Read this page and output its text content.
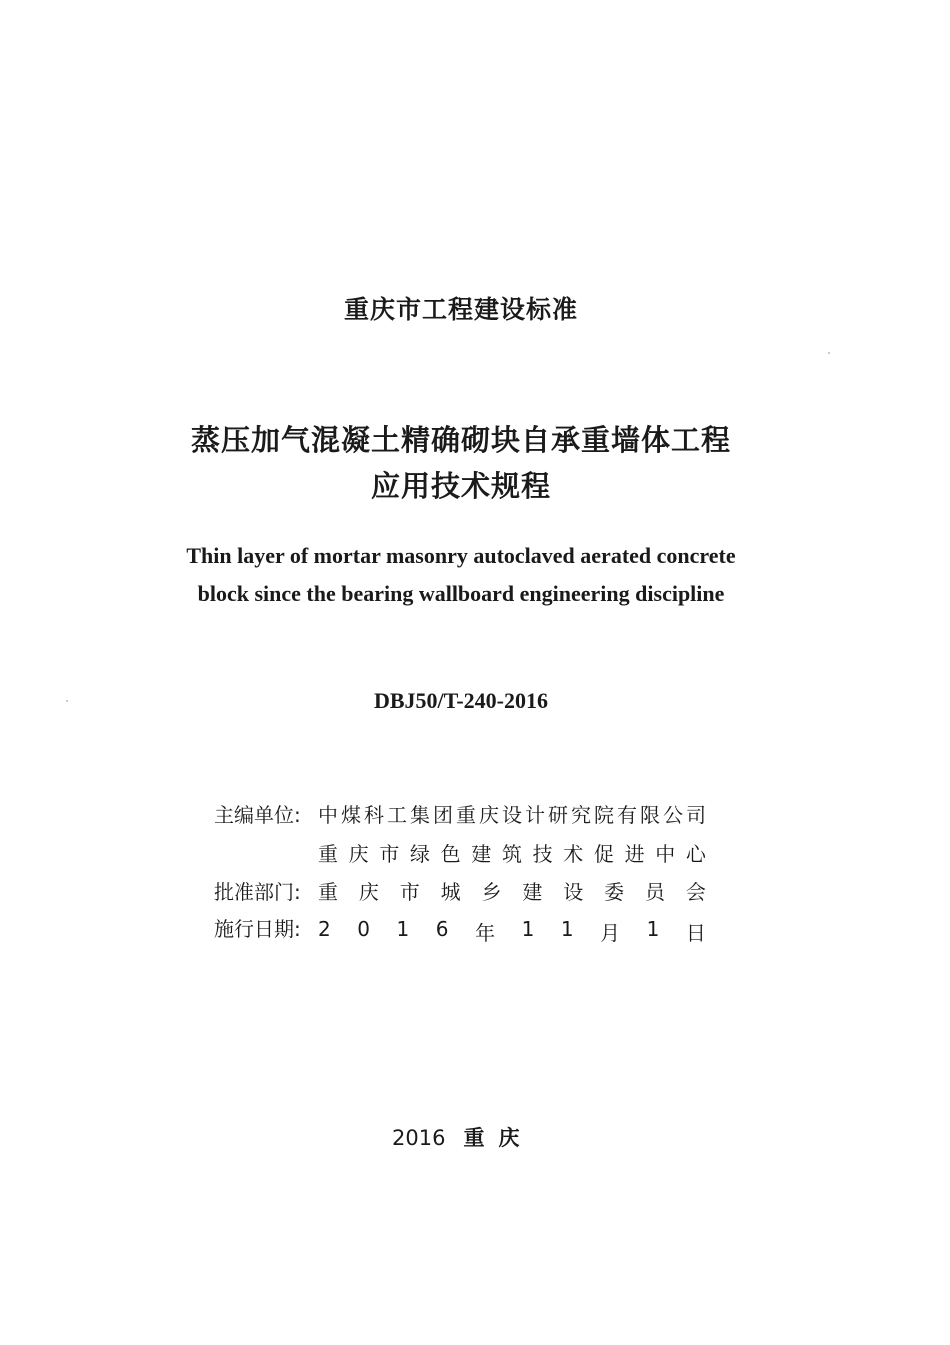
重庆市工程建设标准
蒸压加气混凝土精确砌块自承重墙体工程
应用技术规程
Thin layer of mortar masonry autoclaved aerated concrete
block since the bearing wallboard engineering discipline
DBJ50/T-240-2016
主编单位: 中 煤 科 工 集 团 重 庆 设 计 研 究 院 有 限 公 司
重 庆 市 绿 色 建 筑 技 术 促 进 中 心
批准部门: 重 庆 市 城 乡 建 设 委 员 会
施行日期: 2 0 1 6 年 1 1 月 1 日
2016 重庆
